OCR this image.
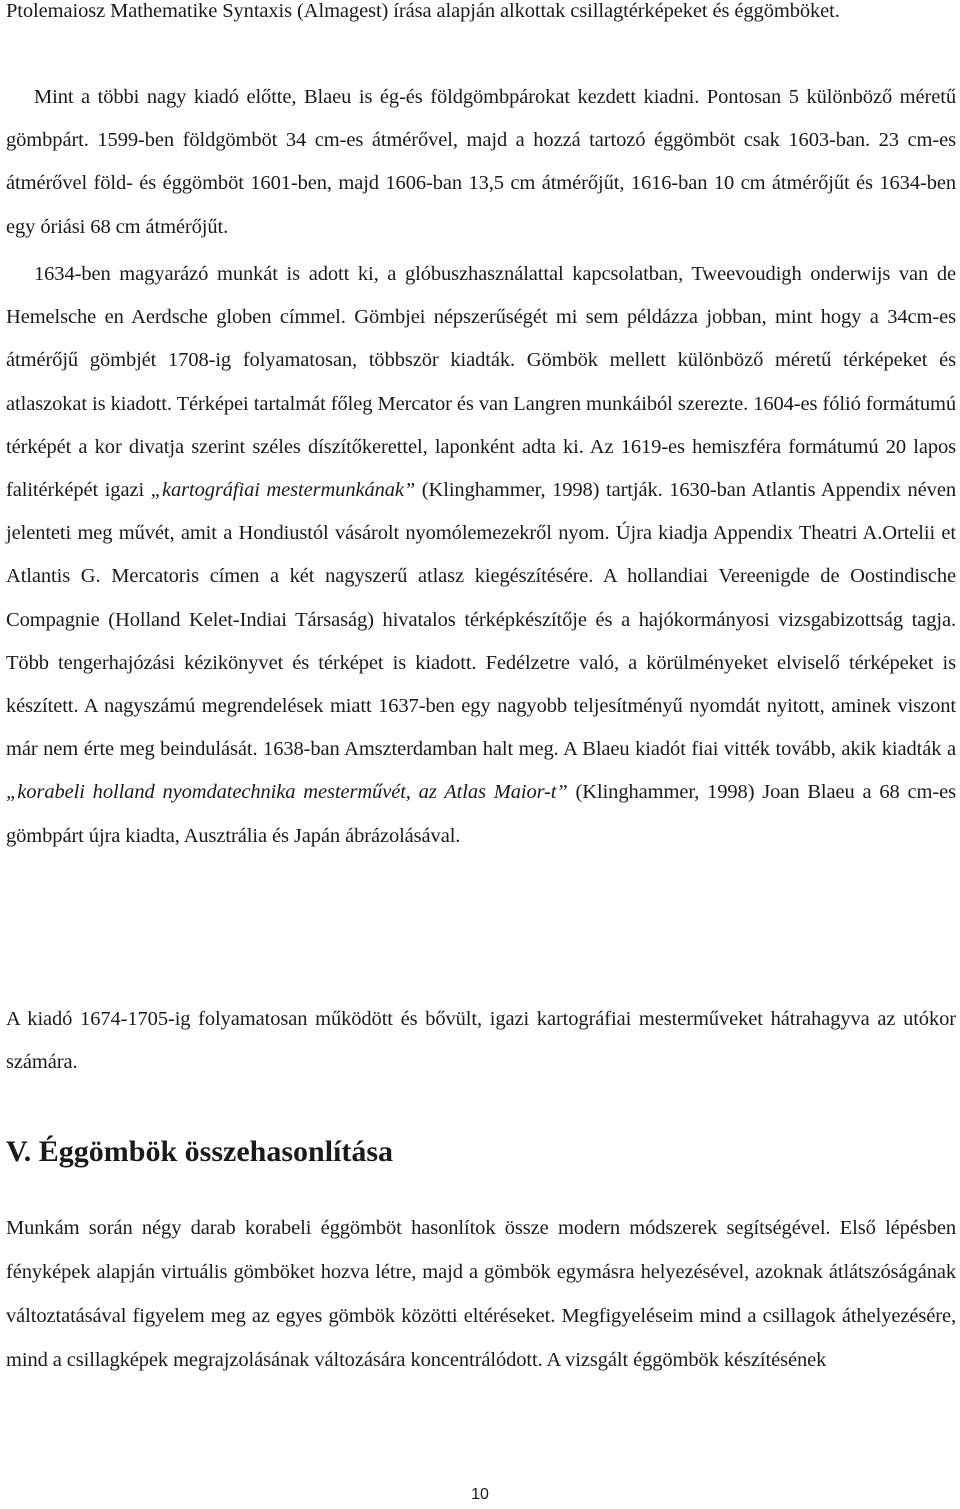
Ptolemaiosz Mathematike Syntaxis (Almagest) írása alapján alkottak csillagtérképeket és éggömböket.

Mint a többi nagy kiadó előtte, Blaeu is ég-és földgömbpárokat kezdett kiadni. Pontosan 5 különböző méretű gömbpárt. 1599-ben földgömböt 34 cm-es átmérővel, majd a hozzá tartozó éggömböt csak 1603-ban. 23 cm-es átmérővel föld- és éggömböt 1601-ben, majd 1606-ban 13,5 cm átmérőjűt, 1616-ban 10 cm átmérőjűt és 1634-ben egy óriási 68 cm átmérőjűt.

1634-ben magyarázó munkát is adott ki, a glóbuszhasználattal kapcsolatban, Tweevoudigh onderwijs van de Hemelsche en Aerdsche globen címmel. Gömbjei népszerűségét mi sem példázza jobban, mint hogy a 34cm-es átmérőjű gömbjét 1708-ig folyamatosan, többször kiadták. Gömbök mellett különböző méretű térképeket és atlaszokat is kiadott. Térképei tartalmát főleg Mercator és van Langren munkáiból szerezte. 1604-es fólió formátumú térképét a kor divatja szerint széles díszítőkerettel, laponként adta ki. Az 1619-es hemiszféra formátumú 20 lapos falitérképét igazi „kartográfiai mestermunkának” (Klinghammer, 1998) tartják. 1630-ban Atlantis Appendix néven jelenteti meg művét, amit a Hondiustól vásárolt nyomólemezekről nyom. Újra kiadja Appendix Theatri A.Ortelii et Atlantis G. Mercatoris címen a két nagyszerű atlasz kiegészítésére. A hollandiai Vereenigde de Oostindische Compagnie (Holland Kelet-Indiai Társaság) hivatalos térképkészítője és a hajókormányosi vizsgabizottság tagja. Több tengerhajózási kézikönyvet és térképet is kiadott. Fedélzetre való, a körülményeket elviselő térképeket is készített. A nagyszámú megrendelések miatt 1637-ben egy nagyobb teljesítményű nyomdát nyitott, aminek viszont már nem érte meg beindulását. 1638-ban Amszterdamban halt meg. A Blaeu kiadót fiai vitték tovább, akik kiadták a „korabeli holland nyomdatechnika mesterművét, az Atlas Maior-t” (Klinghammer, 1998) Joan Blaeu a 68 cm-es gömbpárt újra kiadta, Ausztrália és Japán ábrázolásával.

A kiadó 1674-1705-ig folyamatosan működött és bővült, igazi kartográfiai mesterműveket hátrahagyva az utókor számára.

V. Éggömbök összehasonlítása

Munkám során négy darab korabeli éggömböt hasonlítok össze modern módszerek segítségével. Első lépésben fényképek alapján virtuális gömböket hozva létre, majd a gömbök egymásra helyezésével, azoknak átlátszóságának változtatásával figyelem meg az egyes gömbök közötti eltéréseket. Megfigyeléseim mind a csillagok áthelyezésére, mind a csillagképek megrajzolásának változására koncentrálódott. A vizsgált éggömbök készítésének

10
